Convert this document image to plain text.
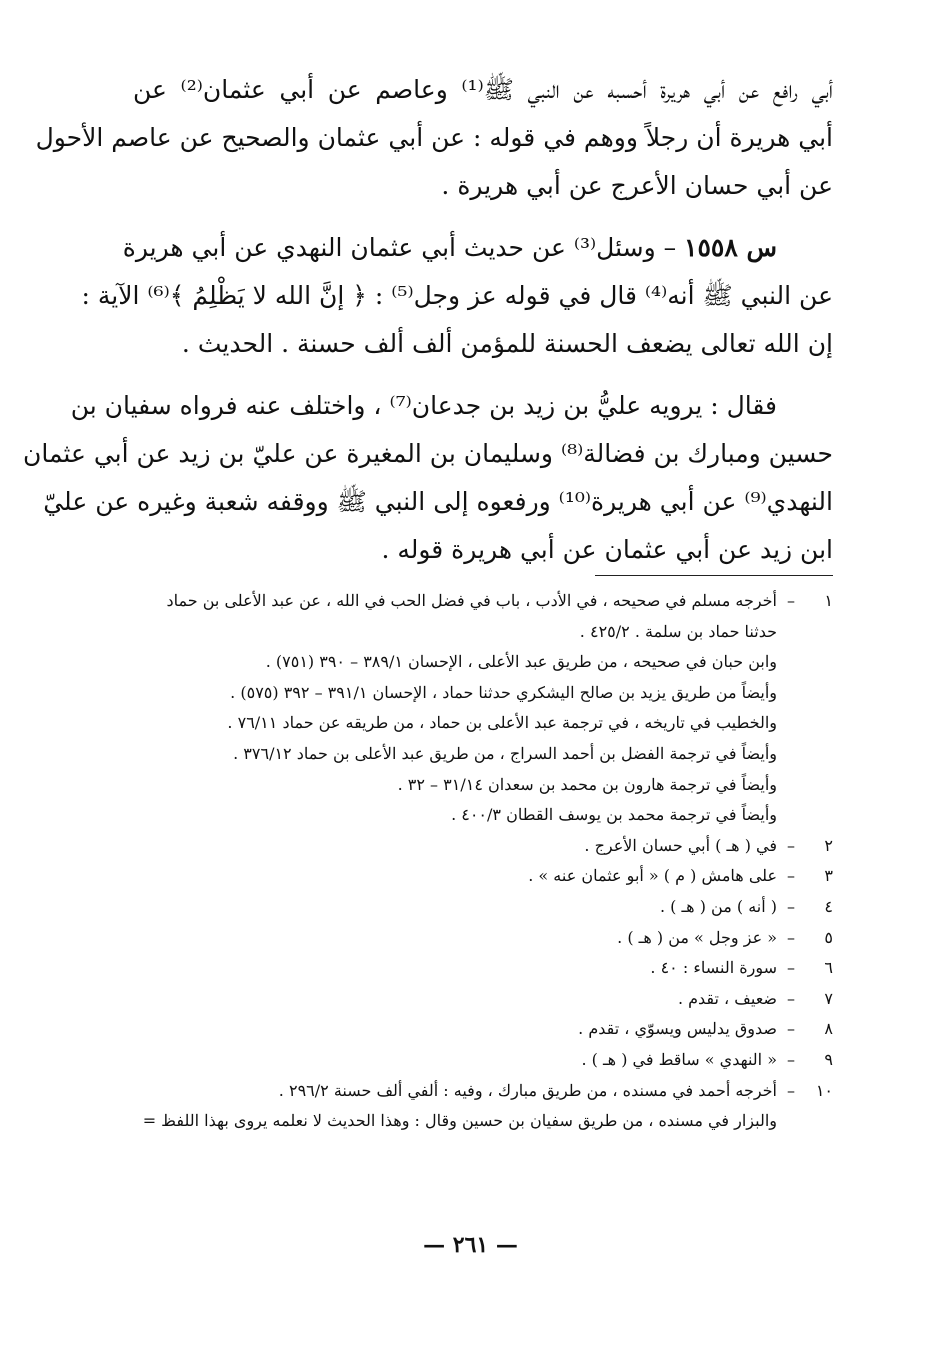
أبي رافع عن أبي هريرة أحسبه عن النبي ﷺ⁽¹⁾ وعاصم عن أبي عثمان⁽²⁾ عن
أبي هريرة أن رجلاً ووهم في قوله : عن أبي عثمان والصحيح عن عاصم الأحول
عن أبي حسان الأعرج عن أبي هريرة .
س ١٥٥٨ – وسئل⁽³⁾ عن حديث أبي عثمان النهدي عن أبي هريرة
عن النبي ﷺ أنه⁽⁴⁾ قال في قوله عز وجل⁽⁵⁾ : ﴿ إنَّ الله لا يَظْلِمُ ﴾⁽⁶⁾ الآية :
إن الله تعالى يضعف الحسنة للمؤمن ألف ألف حسنة . الحديث .
فقال : يرويه عليُّ بن زيد بن جدعان⁽⁷⁾ ، واختلف عنه فرواه سفيان بن
حسين ومبارك بن فضالة⁽⁸⁾ وسليمان بن المغيرة عن عليّ بن زيد عن أبي عثمان
النهدي⁽⁹⁾ عن أبي هريرة⁽¹⁰⁾ ورفعوه إلى النبي ﷺ ووقفه شعبة وغيره عن عليّ
ابن زيد عن أبي عثمان عن أبي هريرة قوله .
١
–
أخرجه مسلم في صحيحه ، في الأدب ، باب في فضل الحب في الله ، عن عبد الأعلى بن حماد
حدثنا حماد بن سلمة . ٤٢٥/٢ .
وابن حبان في صحيحه ، من طريق عبد الأعلى ، الإحسان ٣٨٩/١ – ٣٩٠ (٧٥١) .
وأيضاً من طريق يزيد بن صالح اليشكري حدثنا حماد ، الإحسان ٣٩١/١ – ٣٩٢ (٥٧٥) .
والخطيب في تاريخه ، في ترجمة عبد الأعلى بن حماد ، من طريقه عن حماد ٧٦/١١ .
وأيضاً في ترجمة الفضل بن أحمد السراج ، من طريق عبد الأعلى بن حماد ٣٧٦/١٢ .
وأيضاً في ترجمة هارون بن محمد بن سعدان ٣١/١٤ – ٣٢ .
وأيضاً في ترجمة محمد بن يوسف القطان ٤٠٠/٣ .
٢
–
في ( هـ ) أبي حسان الأعرج .
٣
–
على هامش ( م ) « أبو عثمان عنه » .
٤
–
( أنه ) من ( هـ ) .
٥
–
« عز وجل » من ( هـ ) .
٦
–
سورة النساء : ٤٠ .
٧
–
ضعيف ، تقدم .
٨
–
صدوق يدليس ويسوّي ، تقدم .
٩
–
« النهدي » ساقط في ( هـ ) .
١٠
–
أخرجه أحمد في مسنده ، من طريق مبارك ، وفيه : ألفي ألف حسنة ٢٩٦/٢ .
والبزار في مسنده ، من طريق سفيان بن حسين وقال : وهذا الحديث لا نعلمه يروى بهذا اللفظ =
— ٢٦١ —
